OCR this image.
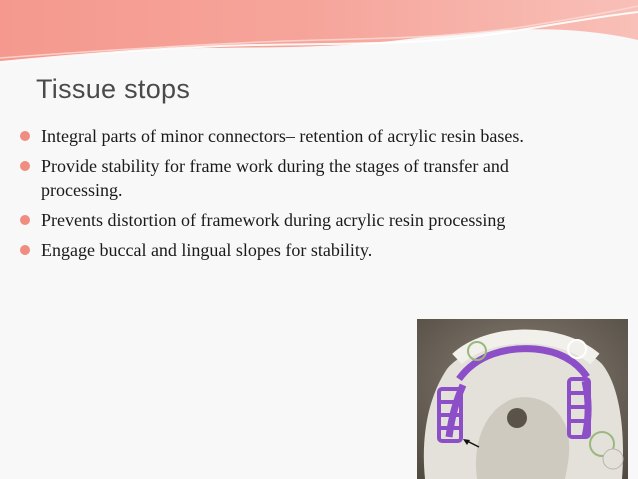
Tissue stops
Integral parts of minor connectors– retention of acrylic resin bases.
Provide stability for frame work during the stages of transfer and processing.
Prevents distortion of framework during acrylic resin processing
Engage buccal and lingual slopes for stability.
